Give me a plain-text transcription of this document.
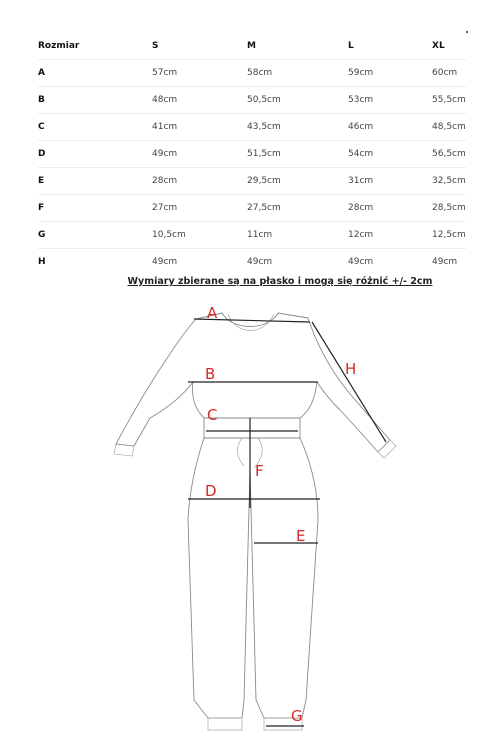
Rozmiar	S	M	L	XL
A	57cm	58cm	59cm	60cm
B	48cm	50,5cm	53cm	55,5cm
C	41cm	43,5cm	46cm	48,5cm
D	49cm	51,5cm	54cm	56,5cm
E	28cm	29,5cm	31cm	32,5cm
F	27cm	27,5cm	28cm	28,5cm
G	10,5cm	11cm	12cm	12,5cm
H	49cm	49cm	49cm	49cm
Wymiary zbierane są na płasko i mogą się różnić +/- 2cm
A
B
C
D
E
F
G
H
